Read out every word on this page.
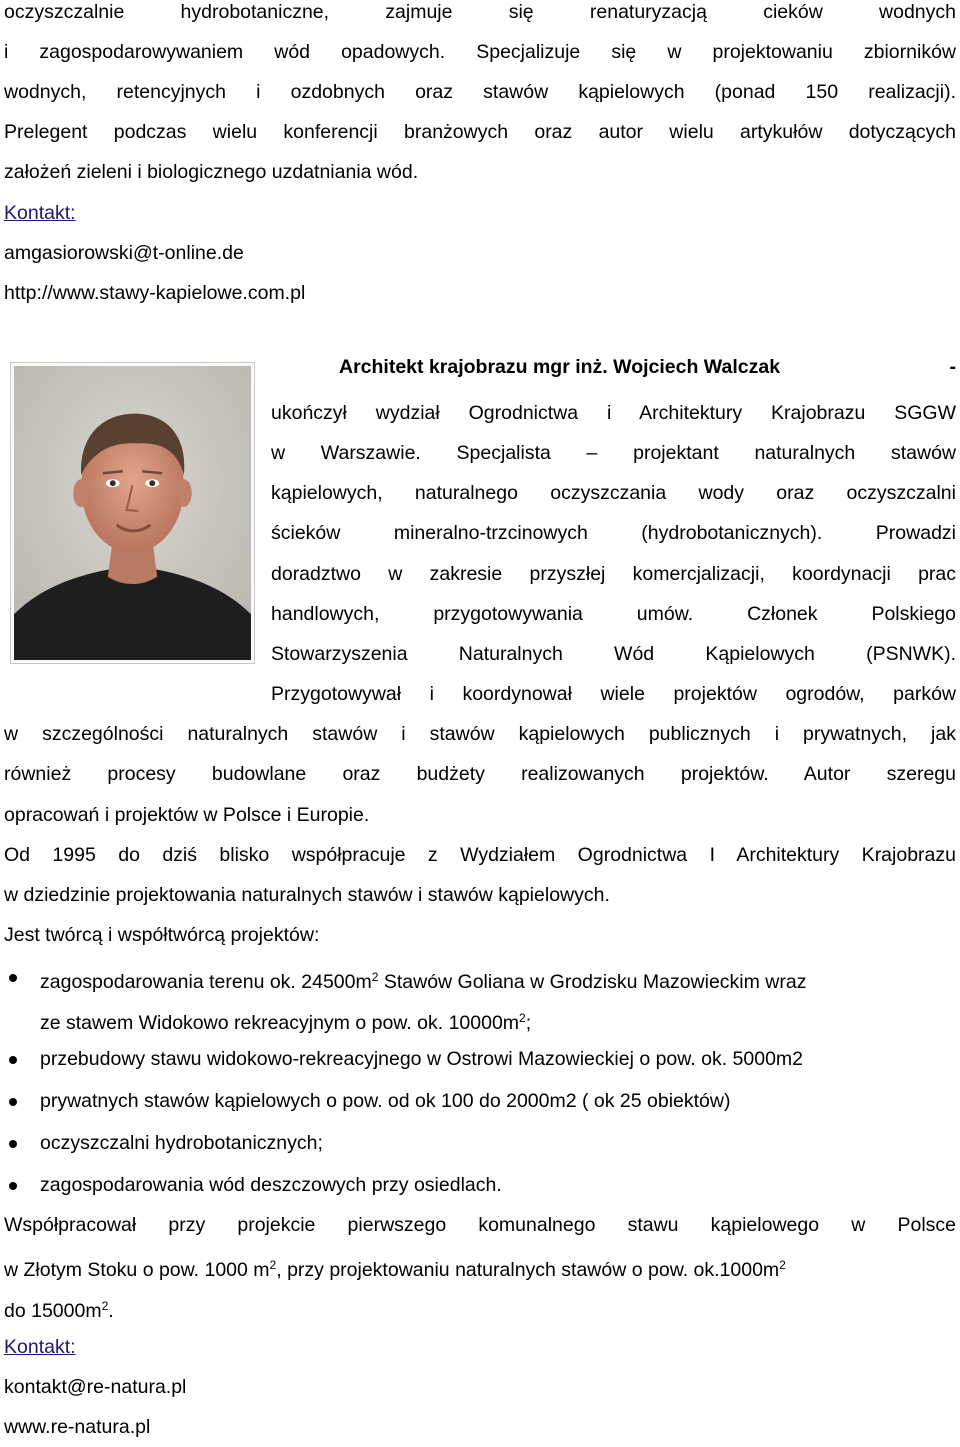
oczyszczalnie hydrobotaniczne, zajmuje się renaturyzacją cieków wodnych
i zagospodarowywaniem wód opadowych. Specjalizuje się w projektowaniu zbiorników
wodnych, retencyjnych i ozdobnych oraz stawów kąpielowych (ponad 150 realizacji).
Prelegent podczas wielu konferencji branżowych oraz autor wielu artykułów dotyczących
założeń zieleni i biologicznego uzdatniania wód.
Kontakt:
amgasiorowski@t-online.de
http://www.stawy-kapielowe.com.pl
Architekt krajobrazu mgr inż. Wojciech Walczak	-
ukończył wydział Ogrodnictwa i Architektury Krajobrazu SGGW
w Warszawie. Specjalista – projektant naturalnych stawów
kąpielowych, naturalnego oczyszczania wody oraz oczyszczalni
ścieków mineralno-trzcinowych (hydrobotanicznych). Prowadzi
doradztwo w zakresie przyszłej komercjalizacji, koordynacji prac
handlowych, przygotowywania umów. Członek Polskiego
Stowarzyszenia Naturalnych Wód Kąpielowych (PSNWK).
Przygotowywał i koordynował wiele projektów ogrodów, parków
w szczególności naturalnych stawów i stawów kąpielowych publicznych i prywatnych, jak
również procesy budowlane oraz budżety realizowanych projektów. Autor szeregu
opracowań i projektów w Polsce i Europie.
Od 1995 do dziś blisko współpracuje z Wydziałem Ogrodnictwa I Architektury Krajobrazu
w dziedzinie projektowania naturalnych stawów i stawów kąpielowych.
Jest twórcą i współtwórcą projektów:
zagospodarowania terenu ok. $24500m^2$ Stawów Goliana w Grodzisku Mazowieckim wraz
ze stawem Widokowo rekreacyjnym o pow. ok. $10000m^2$;
przebudowy stawu widokowo-rekreacyjnego w Ostrowi Mazowieckiej o pow. ok. 5000m2
prywatnych stawów kąpielowych o pow. od ok 100 do 2000m2 ( ok 25 obiektów)
oczyszczalni hydrobotanicznych;
zagospodarowania wód deszczowych przy osiedlach.
Współpracował przy projekcie pierwszego komunalnego stawu kąpielowego w Polsce
w Złotym Stoku o pow. 1000 $m^2$, przy projektowaniu naturalnych stawów o pow. $ok.1000m^2$
do $15000m^2$.
Kontakt:
kontakt@re-natura.pl
www.re-natura.pl
